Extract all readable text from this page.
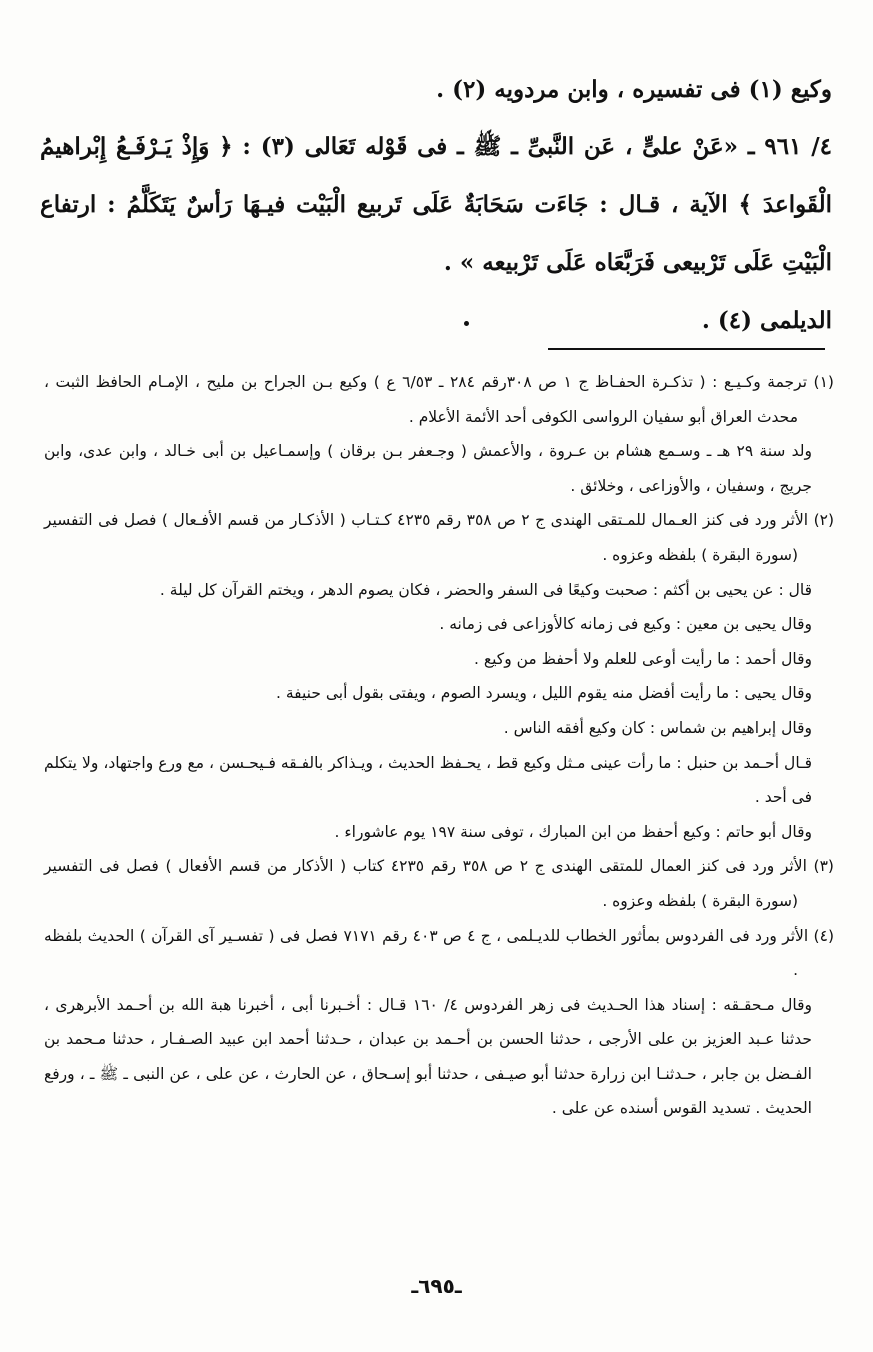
وكيع (١) فى تفسيره ، وابن مردويه (٢) .

٤/ ٩٦١ ـ «عَنْ علىٍّ ، عَن النَّبىِّ ـ ﷺ ـ فى قَوْله تَعَالى (٣) : ﴿ وَإِذْ يَـرْفَـعُ إِبْراهيمُ الْقَواعدَ ﴾ الآية ، قـال : جَاءَت سَحَابَةٌ عَلَى تَربيع الْبَيْت فيـهَا رَأسٌ يَتَكَلَّمُ : ارتفاع الْبَيْتِ عَلَى تَرْبيعى فَرَبَّعَاه عَلَى تَرْبيعه » .

الديلمى (٤) .

(١) ترجمة وكـيـع : ( تذكـرة الحفـاظ ج ١ ص ٣٠٨رقم ٢٨٤ ـ ٦/٥٣ ع ) وكيع بـن الجراح بن مليح ، الإمـام الحافظ الثبت ، محدث العراق أبو سفيان الرواسى الكوفى أحد الأئمة الأعلام .

ولد سنة ٢٩ هـ ـ وسـمع هشام بن عـروة ، والأعمش ( وجـعفر بـن برقان ) وإسمـاعيل بن أبى خـالد ، وابن عدى، وابن جريج ، وسفيان ، والأوزاعى ، وخلائق .

(٢) الأثر ورد فى كنز العـمال للمـتقى الهندى ج ٢ ص ٣٥٨ رقم ٤٢٣٥ كـتـاب ( الأذكـار من قسم الأفـعال ) فصل فى التفسير (سورة البقرة ) بلفظه وعزوه .

قال : عن يحيى بن أكثم : صحبت وكيعًا فى السفر والحضر ، فكان يصوم الدهر ، ويختم القرآن كل ليلة .

وقال يحيى بن معين : وكيع فى زمانه كالأوزاعى فى زمانه .

وقال أحمد : ما رأيت أوعى للعلم ولا أحفظ من وكيع .

وقال يحيى : ما رأيت أفضل منه يقوم الليل ، ويسرد الصوم ، ويفتى بقول أبى حنيفة .

وقال إبراهيم بن شماس : كان وكيع أفقه الناس .

قـال أحـمد بن حنبل : ما رأت عينى مـثل وكيع قط ، يحـفظ الحديث ، ويـذاكر بالفـقه فـيحـسن ، مع ورع واجتهاد، ولا يتكلم فى أحد .

وقال أبو حاتم : وكيع أحفظ من ابن المبارك ، توفى سنة ١٩٧ يوم عاشوراء .

(٣) الأثر ورد فى كنز العمال للمتقى الهندى ج ٢ ص ٣٥٨ رقم ٤٢٣٥ كتاب ( الأذكار من قسم الأفعال ) فصل فى التفسير (سورة البقرة ) بلفظه وعزوه .

(٤) الأثر ورد فى الفردوس بمأثور الخطاب للديـلمى ، ج ٤ ص ٤٠٣ رقم ٧١٧١ فصل فى ( تفسـير آى القرآن ) الحديث بلفظه .

وقال مـحقـقه : إسناد هذا الحـديث فى زهر الفردوس ٤/ ١٦٠ قـال : أخـبرنا أبى ، أخبرنا هبة الله بن أحـمد الأبرهرى ، حدثنا عـبد العزيز بن على الأرجى ، حدثنا الحسن بن أحـمد بن عبدان ، حـدثنا أحمد ابن عبيد الصـفـار ، حدثنا مـحمد بن الفـضل بن جابر ، حـدثنـا ابن زرارة حدثنا أبو صيـفى ، حدثنا أبو إسـحاق ، عن الحارث ، عن على ، عن النبى ـ ﷺ ـ ، ورفع الحديث . تسديد القوس أسنده عن على .

ـ٦٩٥ـ
